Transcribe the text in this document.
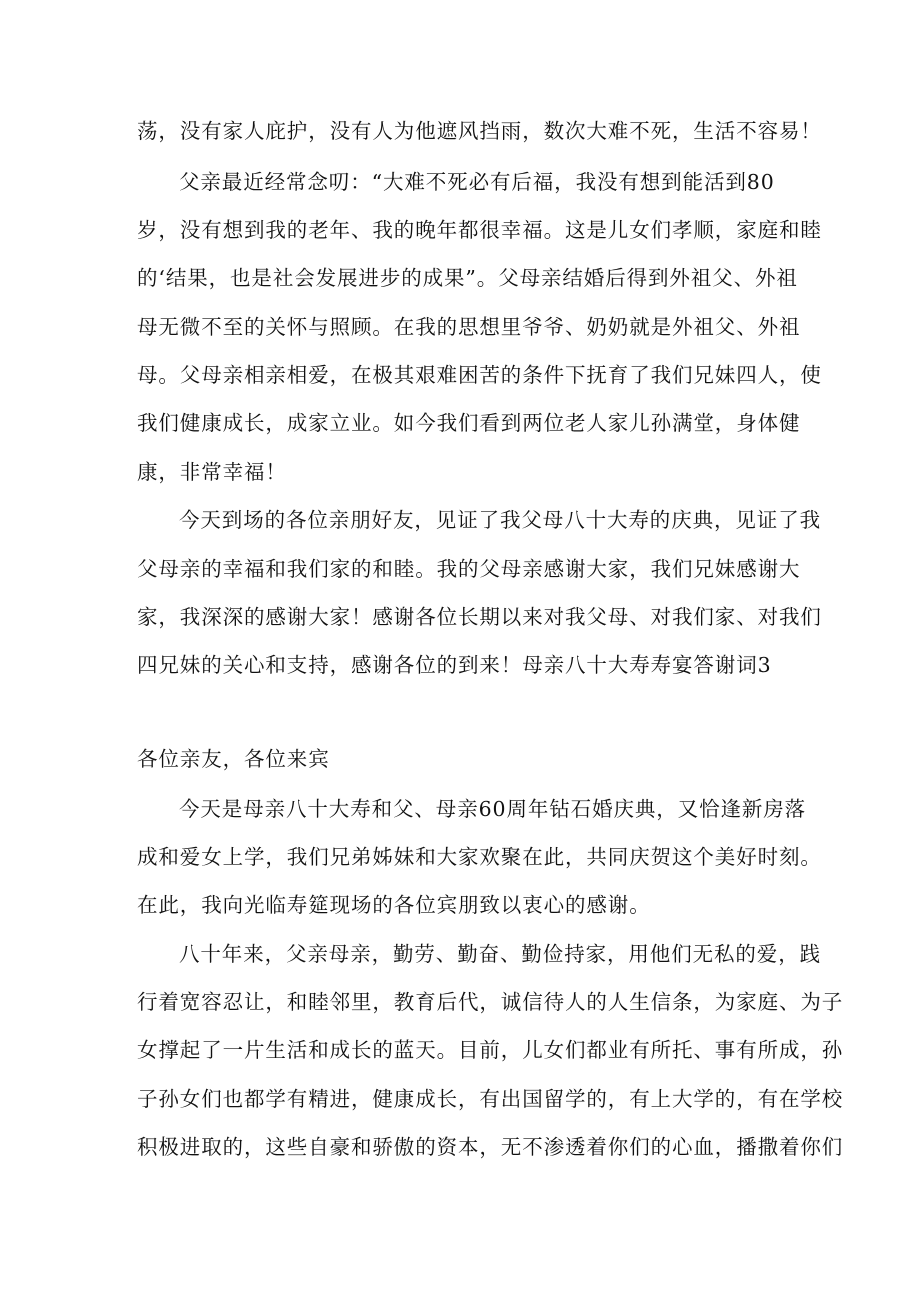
荡，没有家人庇护，没有人为他遮风挡雨，数次大难不死，生活不容易！
父亲最近经常念叨：“大难不死必有后福，我没有想到能活到80
岁，没有想到我的老年、我的晚年都很幸福。这是儿女们孝顺，家庭和睦
的‘结果，也是社会发展进步的成果”。父母亲结婚后得到外祖父、外祖
母无微不至的关怀与照顾。在我的思想里爷爷、奶奶就是外祖父、外祖
母。父母亲相亲相爱，在极其艰难困苦的条件下抚育了我们兄妹四人，使
我们健康成长，成家立业。如今我们看到两位老人家儿孙满堂，身体健
康，非常幸福！
今天到场的各位亲朋好友，见证了我父母八十大寿的庆典，见证了我
父母亲的幸福和我们家的和睦。我的父母亲感谢大家，我们兄妹感谢大
家，我深深的感谢大家！感谢各位长期以来对我父母、对我们家、对我们
四兄妹的关心和支持，感谢各位的到来！母亲八十大寿寿宴答谢词3
各位亲友，各位来宾
今天是母亲八十大寿和父、母亲60周年钻石婚庆典，又恰逢新房落
成和爱女上学，我们兄弟姊妹和大家欢聚在此，共同庆贺这个美好时刻。
在此，我向光临寿筵现场的各位宾朋致以衷心的感谢。
八十年来，父亲母亲，勤劳、勤奋、勤俭持家，用他们无私的爱，践
行着宽容忍让，和睦邻里，教育后代，诚信待人的人生信条，为家庭、为子
女撑起了一片生活和成长的蓝天。目前，儿女们都业有所托、事有所成，孙
子孙女们也都学有精进，健康成长，有出国留学的，有上大学的，有在学校
积极进取的，这些自豪和骄傲的资本，无不渗透着你们的心血，播撒着你们
